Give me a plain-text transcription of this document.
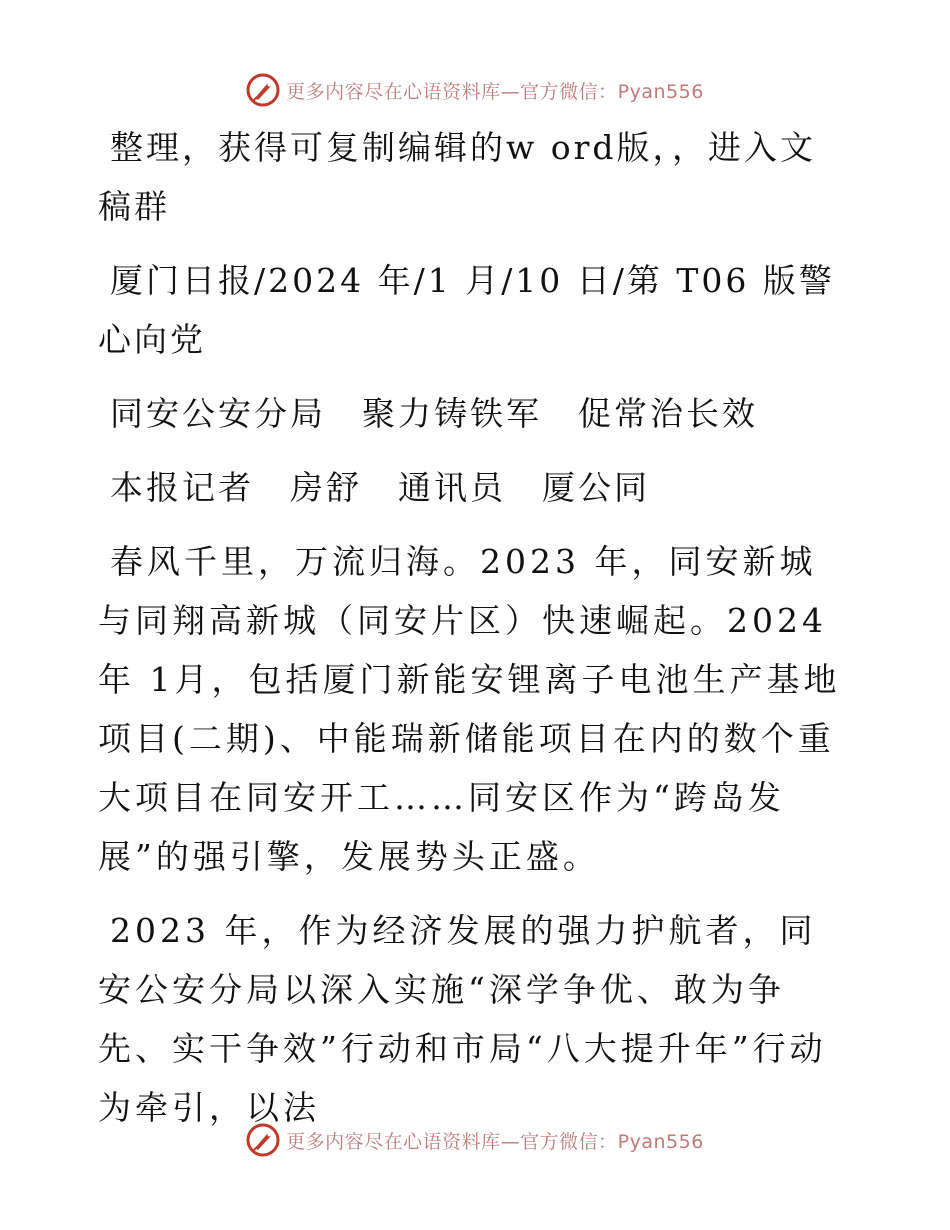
更多内容尽在心语资料库—官方微信：Pyan556

整理，获得可复制编辑的w ord版，，进入文稿群

厦门日报/2024 年/1 月/10 日/第 T06 版警心向党

同安公安分局　聚力铸铁军　促常治长效

本报记者　房舒　通讯员　厦公同

春风千里，万流归海。2023 年，同安新城与同翔高新城（同安片区）快速崛起。2024 年 1月，包括厦门新能安锂离子电池生产基地项目(二期)、中能瑞新储能项目在内的数个重大项目在同安开工……同安区作为“跨岛发展”的强引擎，发展势头正盛。

2023 年，作为经济发展的强力护航者，同安公安分局以深入实施“深学争优、敢为争先、实干争效”行动和市局“八大提升年”行动为牵引，以法

更多内容尽在心语资料库—官方微信：Pyan556
